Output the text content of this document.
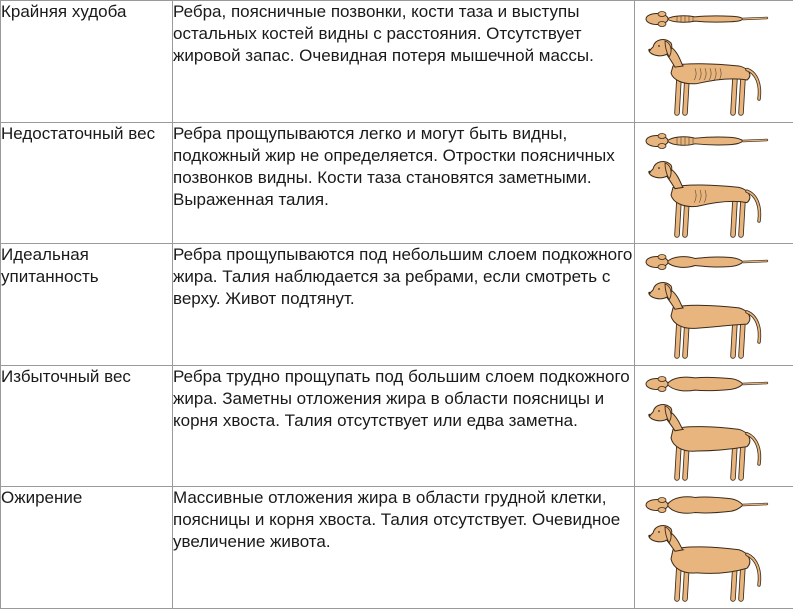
Крайняя худоба	Ребра, поясничные позвонки, кости таза и выступы остальных костей видны с расстояния. Отсутствует жировой запас. Очевидная потеря мышечной массы.

Недостаточный вес	Ребра прощупываются легко и могут быть видны, подкожный жир не определяется. Отростки поясничных позвонков видны. Кости таза становятся заметными. Выраженная талия.

Идеальная упитанность	Ребра прощупываются под небольшим слоем подкожного жира. Талия наблюдается за ребрами, если смотреть с верху. Живот подтянут.

Избыточный вес	Ребра трудно прощупать под большим слоем подкожного жира. Заметны отложения жира в области поясницы и корня хвоста. Талия отсутствует или едва заметна.

Ожирение	Массивные отложения жира в области грудной клетки, поясницы и корня хвоста. Талия отсутствует. Очевидное увеличение живота.
